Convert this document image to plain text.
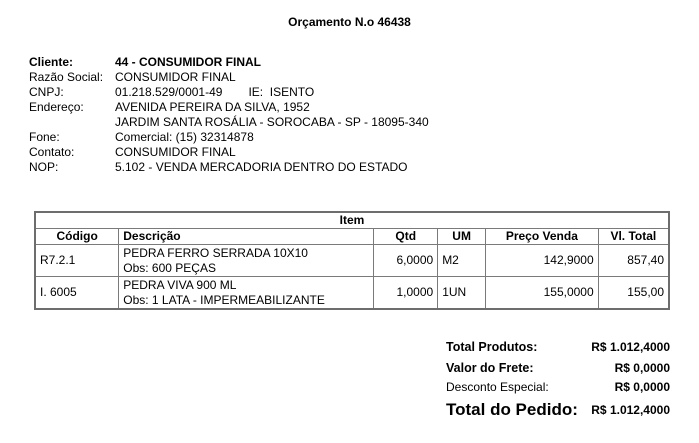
Orçamento N.o 46438
Cliente:	44 - CONSUMIDOR FINAL
Razão Social: CONSUMIDOR FINAL
CNPJ:	01.218.529/0001-49 IE: ISENTO
Endereço:	AVENIDA PEREIRA DA SILVA, 1952
JARDIM SANTA ROSÁLIA - SOROCABA - SP - 18095-340
Fone:	Comercial: (15) 32314878
Contato:	CONSUMIDOR FINAL
NOP:	5.102 - VENDA MERCADORIA DENTRO DO ESTADO
Item					
Código	Descrição	Qtd	UM	Preço Venda	Vl. Total
R7.2.1	PEDRA FERRO SERRADA 10X10
Obs: 600 PEÇAS	6,0000	M2	142,9000	857,40
I. 6005	PEDRA VIVA 900 ML
Obs: 1 LATA - IMPERMEABILIZANTE	1,0000	1UN	155,0000	155,00
Total Produtos:	R$ 1.012,4000
Valor do Frete:	R$ 0,0000
Desconto Especial:	R$ 0,0000
Total do Pedido: R$ 1.012,4000
